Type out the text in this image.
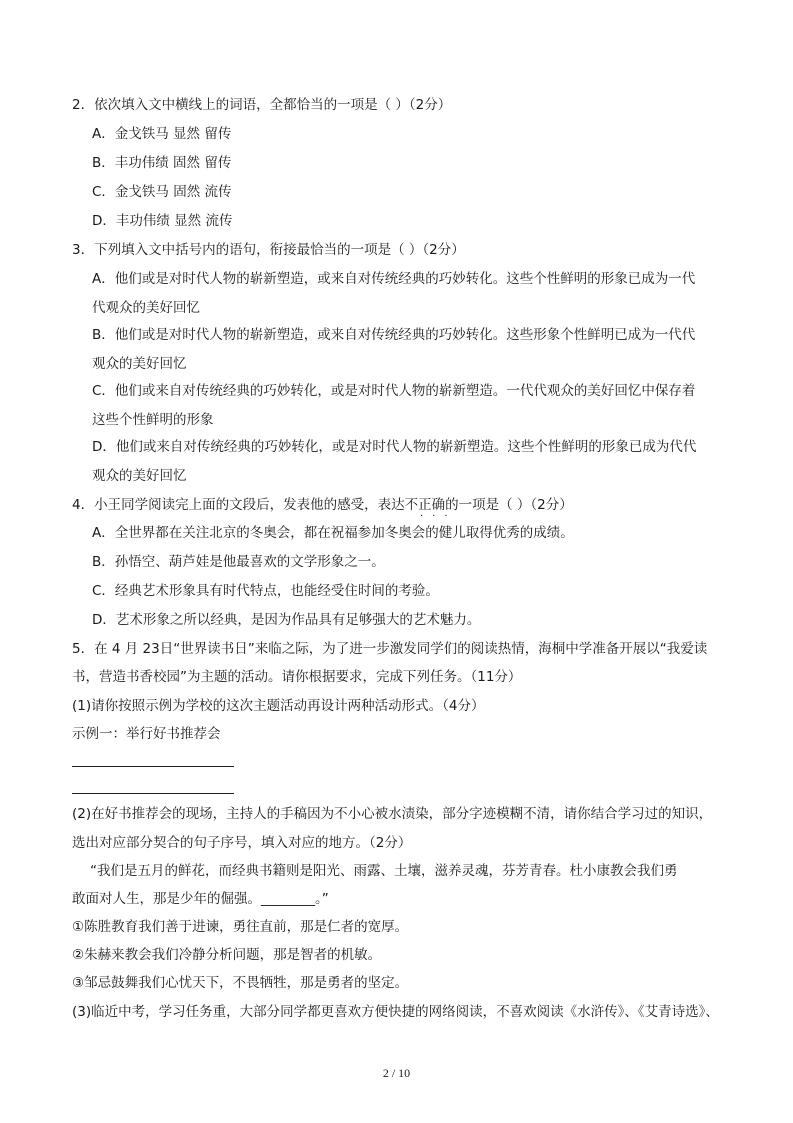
2．依次填入文中横线上的词语，全都恰当的一项是（ ）（2分）
A．金戈铁马 显然 留传
B．丰功伟绩 固然 留传
C．金戈铁马 固然 流传
D．丰功伟绩 显然 流传
3．下列填入文中括号内的语句，衔接最恰当的一项是（ ）（2分）
A．他们或是对时代人物的崭新塑造，或来自对传统经典的巧妙转化。这些个性鲜明的形象已成为一代
代观众的美好回忆
B．他们或是对时代人物的崭新塑造，或来自对传统经典的巧妙转化。这些形象个性鲜明已成为一代代
观众的美好回忆
C．他们或来自对传统经典的巧妙转化，或是对时代人物的崭新塑造。一代代观众的美好回忆中保存着
这些个性鲜明的形象
D．他们或来自对传统经典的巧妙转化，或是对时代人物的崭新塑造。这些个性鲜明的形象已成为代代
观众的美好回忆
4．小王同学阅读完上面的文段后，发表他的感受，表达不正确的一项是（ ）（2分）
···
A．全世界都在关注北京的冬奥会，都在祝福参加冬奥会的健儿取得优秀的成绩。
B．孙悟空、葫芦娃是他最喜欢的文学形象之一。
C．经典艺术形象具有时代特点，也能经受住时间的考验。
D．艺术形象之所以经典，是因为作品具有足够强大的艺术魅力。
5．在 4 月 23日“世界读书日”来临之际，为了进一步激发同学们的阅读热情，海桐中学准备开展以“我爱读
书，营造书香校园”为主题的活动。请你根据要求，完成下列任务。（11分）
(1)请你按照示例为学校的这次主题活动再设计两种活动形式。（4分）
示例一：举行好书推荐会
(2)在好书推荐会的现场，主持人的手稿因为不小心被水渍染，部分字迹模糊不清，请你结合学习过的知识，
选出对应部分契合的句子序号，填入对应的地方。（2分）
“我们是五月的鲜花，而经典书籍则是阳光、雨露、土壤，滋养灵魂，芬芳青春。杜小康教会我们勇
敢面对人生，那是少年的倔强。________。”
①陈胜教育我们善于进谏，勇往直前，那是仁者的宽厚。
②朱赫来教会我们冷静分析问题，那是智者的机敏。
③邹忌鼓舞我们心忧天下，不畏牺牲，那是勇者的坚定。
(3)临近中考，学习任务重，大部分同学都更喜欢方便快捷的网络阅读，不喜欢阅读《水浒传》、《艾青诗选》、
2 / 10
